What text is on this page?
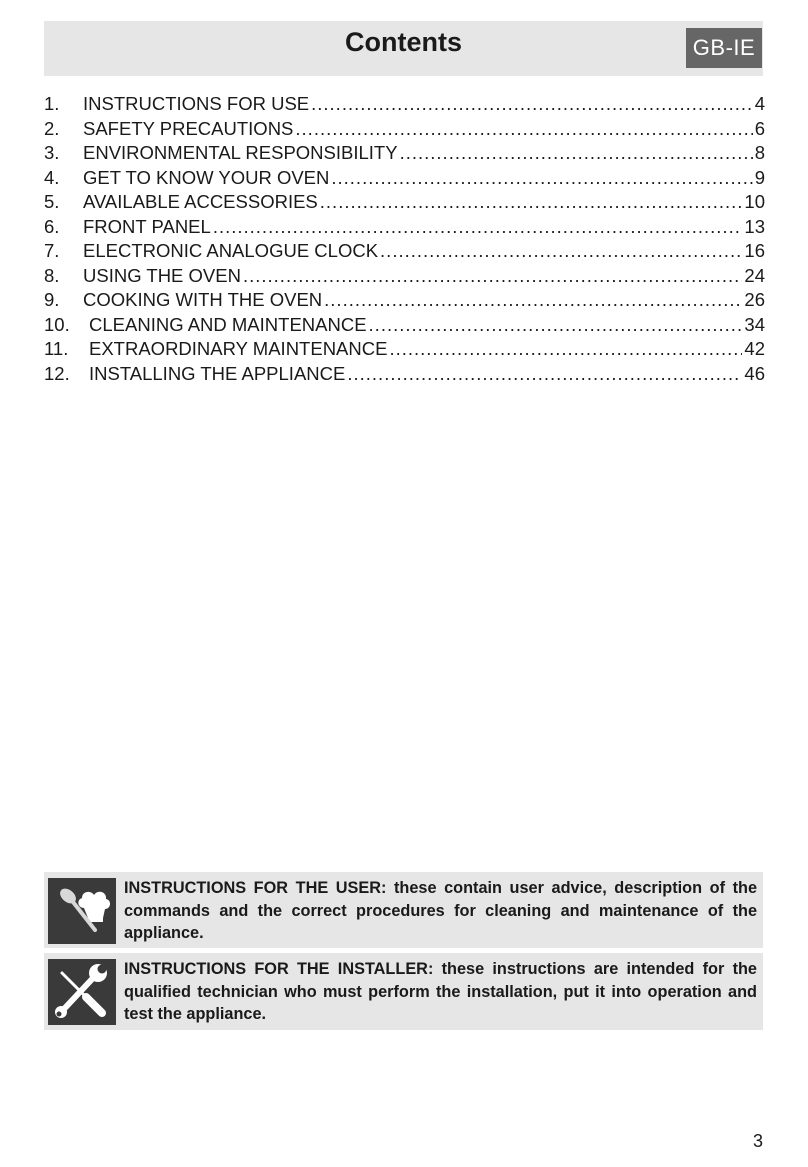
Contents	GB-IE
1.	INSTRUCTIONS FOR USE .....	4
2.	SAFETY PRECAUTIONS .....	6
3.	ENVIRONMENTAL RESPONSIBILITY .....	8
4.	GET TO KNOW YOUR OVEN .....	9
5.	AVAILABLE ACCESSORIES .....	10
6.	FRONT PANEL .....	13
7.	ELECTRONIC ANALOGUE CLOCK .....	16
8.	USING THE OVEN .....	24
9.	COOKING WITH THE OVEN .....	26
10.	CLEANING AND MAINTENANCE .....	34
11.	EXTRAORDINARY MAINTENANCE .....	42
12.	INSTALLING THE APPLIANCE .....	46
INSTRUCTIONS FOR THE USER: these contain user advice, description of the commands and the correct procedures for cleaning and maintenance of the appliance.
INSTRUCTIONS FOR THE INSTALLER: these instructions are intended for the qualified technician who must perform the installation, put it into operation and test the appliance.
3
